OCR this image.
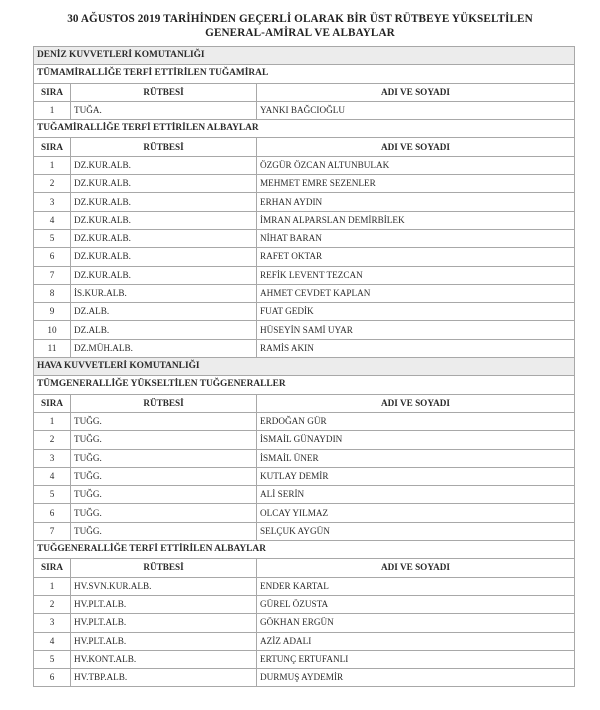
30 AĞUSTOS 2019 TARİHİNDEN GEÇERLİ OLARAK BİR ÜST RÜTBEYE YÜKSELTİLEN
GENERAL-AMİRAL VE ALBAYLAR
DENİZ KUVVETLERİ KOMUTANLIĞI		
TÜMAMİRALLİĞE TERFİ ETTİRİLEN TUĞAMİRAL		
SIRA	RÜTBESİ	ADI VE SOYADI
1	TUĞA.	YANKI BAĞCIOĞLU
TUĞAMİRALLİĞE TERFİ ETTİRİLEN ALBAYLAR		
SIRA	RÜTBESİ	ADI VE SOYADI
1	DZ.KUR.ALB.	ÖZGÜR ÖZCAN ALTUNBULAK
2	DZ.KUR.ALB.	MEHMET EMRE SEZENLER
3	DZ.KUR.ALB.	ERHAN AYDIN
4	DZ.KUR.ALB.	İMRAN ALPARSLAN DEMİRBİLEK
5	DZ.KUR.ALB.	NİHAT BARAN
6	DZ.KUR.ALB.	RAFET OKTAR
7	DZ.KUR.ALB.	REFİK LEVENT TEZCAN
8	İS.KUR.ALB.	AHMET CEVDET KAPLAN
9	DZ.ALB.	FUAT GEDİK
10	DZ.ALB.	HÜSEYİN SAMİ UYAR
11	DZ.MÜH.ALB.	RAMİS AKIN
HAVA KUVVETLERİ KOMUTANLIĞI		
TÜMGENERALLİĞE YÜKSELTİLEN TUĞGENERALLER		
SIRA	RÜTBESİ	ADI VE SOYADI
1	TUĞG.	ERDOĞAN GÜR
2	TUĞG.	İSMAİL GÜNAYDIN
3	TUĞG.	İSMAİL ÜNER
4	TUĞG.	KUTLAY DEMİR
5	TUĞG.	ALİ SERİN
6	TUĞG.	OLCAY YILMAZ
7	TUĞG.	SELÇUK AYGÜN
TUĞGENERALLİĞE TERFİ ETTİRİLEN ALBAYLAR		
SIRA	RÜTBESİ	ADI VE SOYADI
1	HV.SVN.KUR.ALB.	ENDER KARTAL
2	HV.PLT.ALB.	GÜREL ÖZUSTA
3	HV.PLT.ALB.	GÖKHAN ERGÜN
4	HV.PLT.ALB.	AZİZ ADALI
5	HV.KONT.ALB.	ERTUNÇ ERTUFANLI
6	HV.TBP.ALB.	DURMUŞ AYDEMİR
